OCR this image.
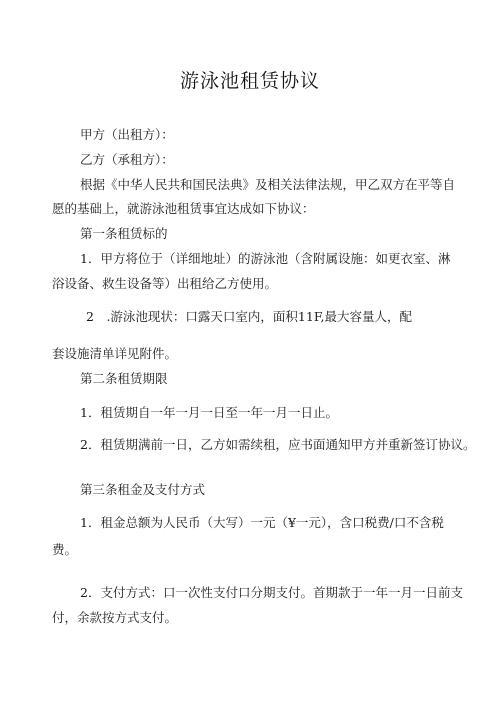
游泳池租赁协议
甲方（出租方）：
乙方（承租方）：
根据《中华人民共和国民法典》及相关法律法规，甲乙双方在平等自
愿的基础上，就游泳池租赁事宜达成如下协议：
第一条租赁标的
1．甲方将位于（详细地址）的游泳池（含附属设施：如更衣室、淋
浴设备、救生设备等）出租给乙方使用。
2　.游泳池现状：口露天口室内，面积11F,最大容量人，配
套设施清单详见附件。
第二条租赁期限
1．租赁期自一年一月一日至一年一月一日止。
2．租赁期满前一日，乙方如需续租，应书面通知甲方并重新签订协议。
第三条租金及支付方式
1．租金总额为人民币（大写）一元（¥一元），含口税费/口不含税
费。
2．支付方式：口一次性支付口分期支付。首期款于一年一月一日前支
付，余款按方式支付。
